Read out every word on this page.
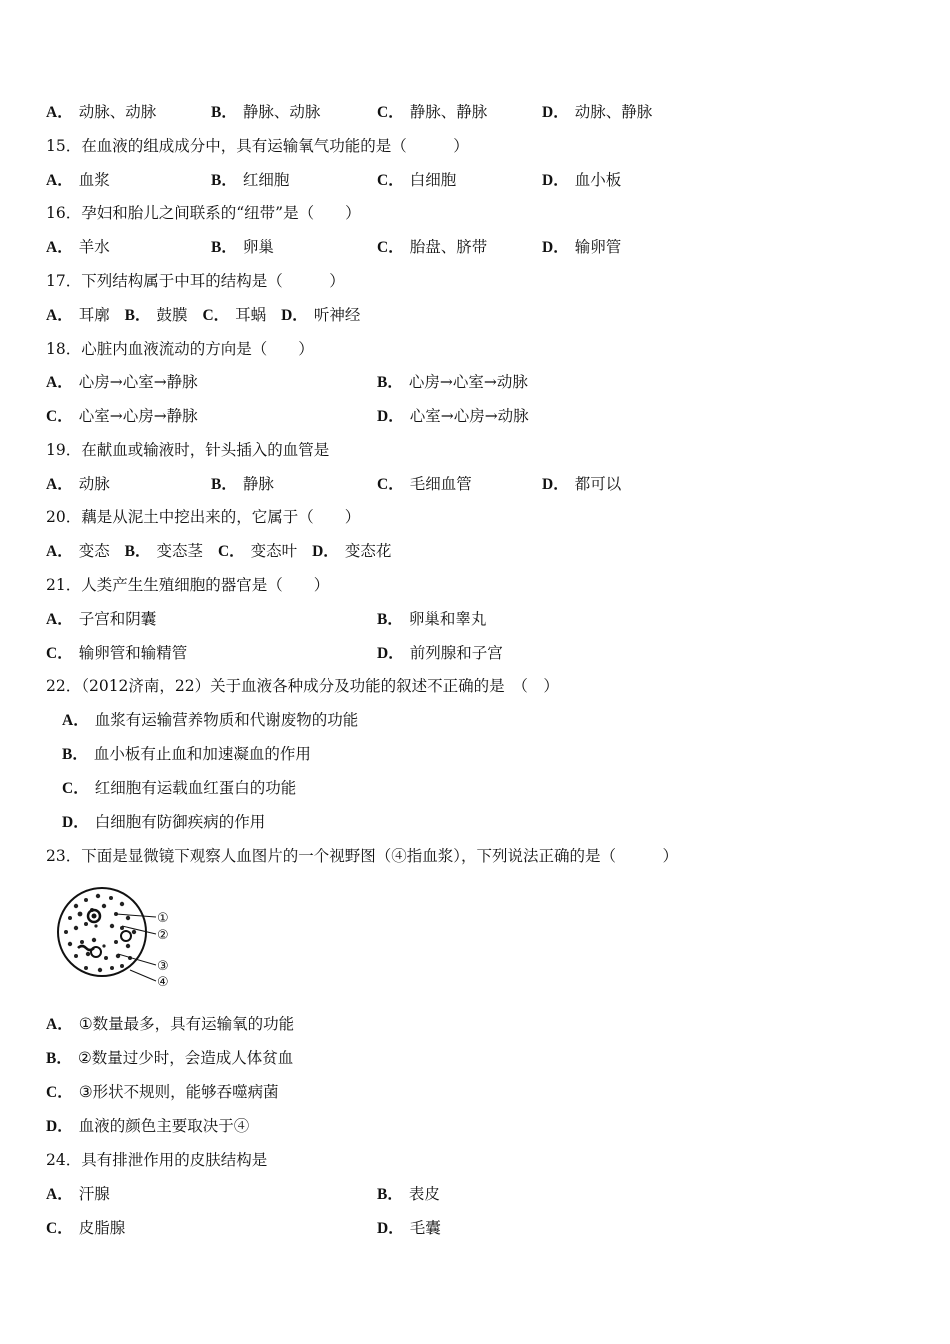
A． 动脉、动脉	B． 静脉、动脉	C． 静脉、静脉	D． 动脉、静脉
15．在血液的组成成分中，具有运输氧气功能的是（　　　）
A． 血浆	B． 红细胞	C． 白细胞	D． 血小板
16．孕妇和胎儿之间联系的“纽带”是（　　）
A． 羊水	B． 卵巢	C． 胎盘、脐带	D． 输卵管
17．下列结构属于中耳的结构是（　　　）
A． 耳廓 B． 鼓膜 C． 耳蜗 D． 听神经
18．心脏内血液流动的方向是（　　）
A． 心房→心室→静脉	B． 心房→心室→动脉
C． 心室→心房→静脉	D． 心室→心房→动脉
19．在献血或输液时，针头插入的血管是
A． 动脉	B． 静脉	C． 毛细血管	D． 都可以
20．藕是从泥土中挖出来的，它属于（　　）
A． 变态 B． 变态茎 C． 变态叶 D． 变态花
21．人类产生生殖细胞的器官是（　　）
A． 子宫和阴囊	B． 卵巢和睾丸
C． 输卵管和输精管	D． 前列腺和子宫
22．（2012济南，22）关于血液各种成分及功能的叙述不正确的是　（　）
A． 血浆有运输营养物质和代谢废物的功能
B． 血小板有止血和加速凝血的作用
C． 红细胞有运载血红蛋白的功能
D． 白细胞有防御疾病的作用
23．下面是显微镜下观察人血图片的一个视野图（④指血浆），下列说法正确的是（　　　）
①
②
③
④
A． ①数量最多，具有运输氧的功能
B． ②数量过少时，会造成人体贫血
C． ③形状不规则，能够吞噬病菌
D． 血液的颜色主要取决于④
24．具有排泄作用的皮肤结构是
A． 汗腺	B． 表皮
C． 皮脂腺	D． 毛囊
